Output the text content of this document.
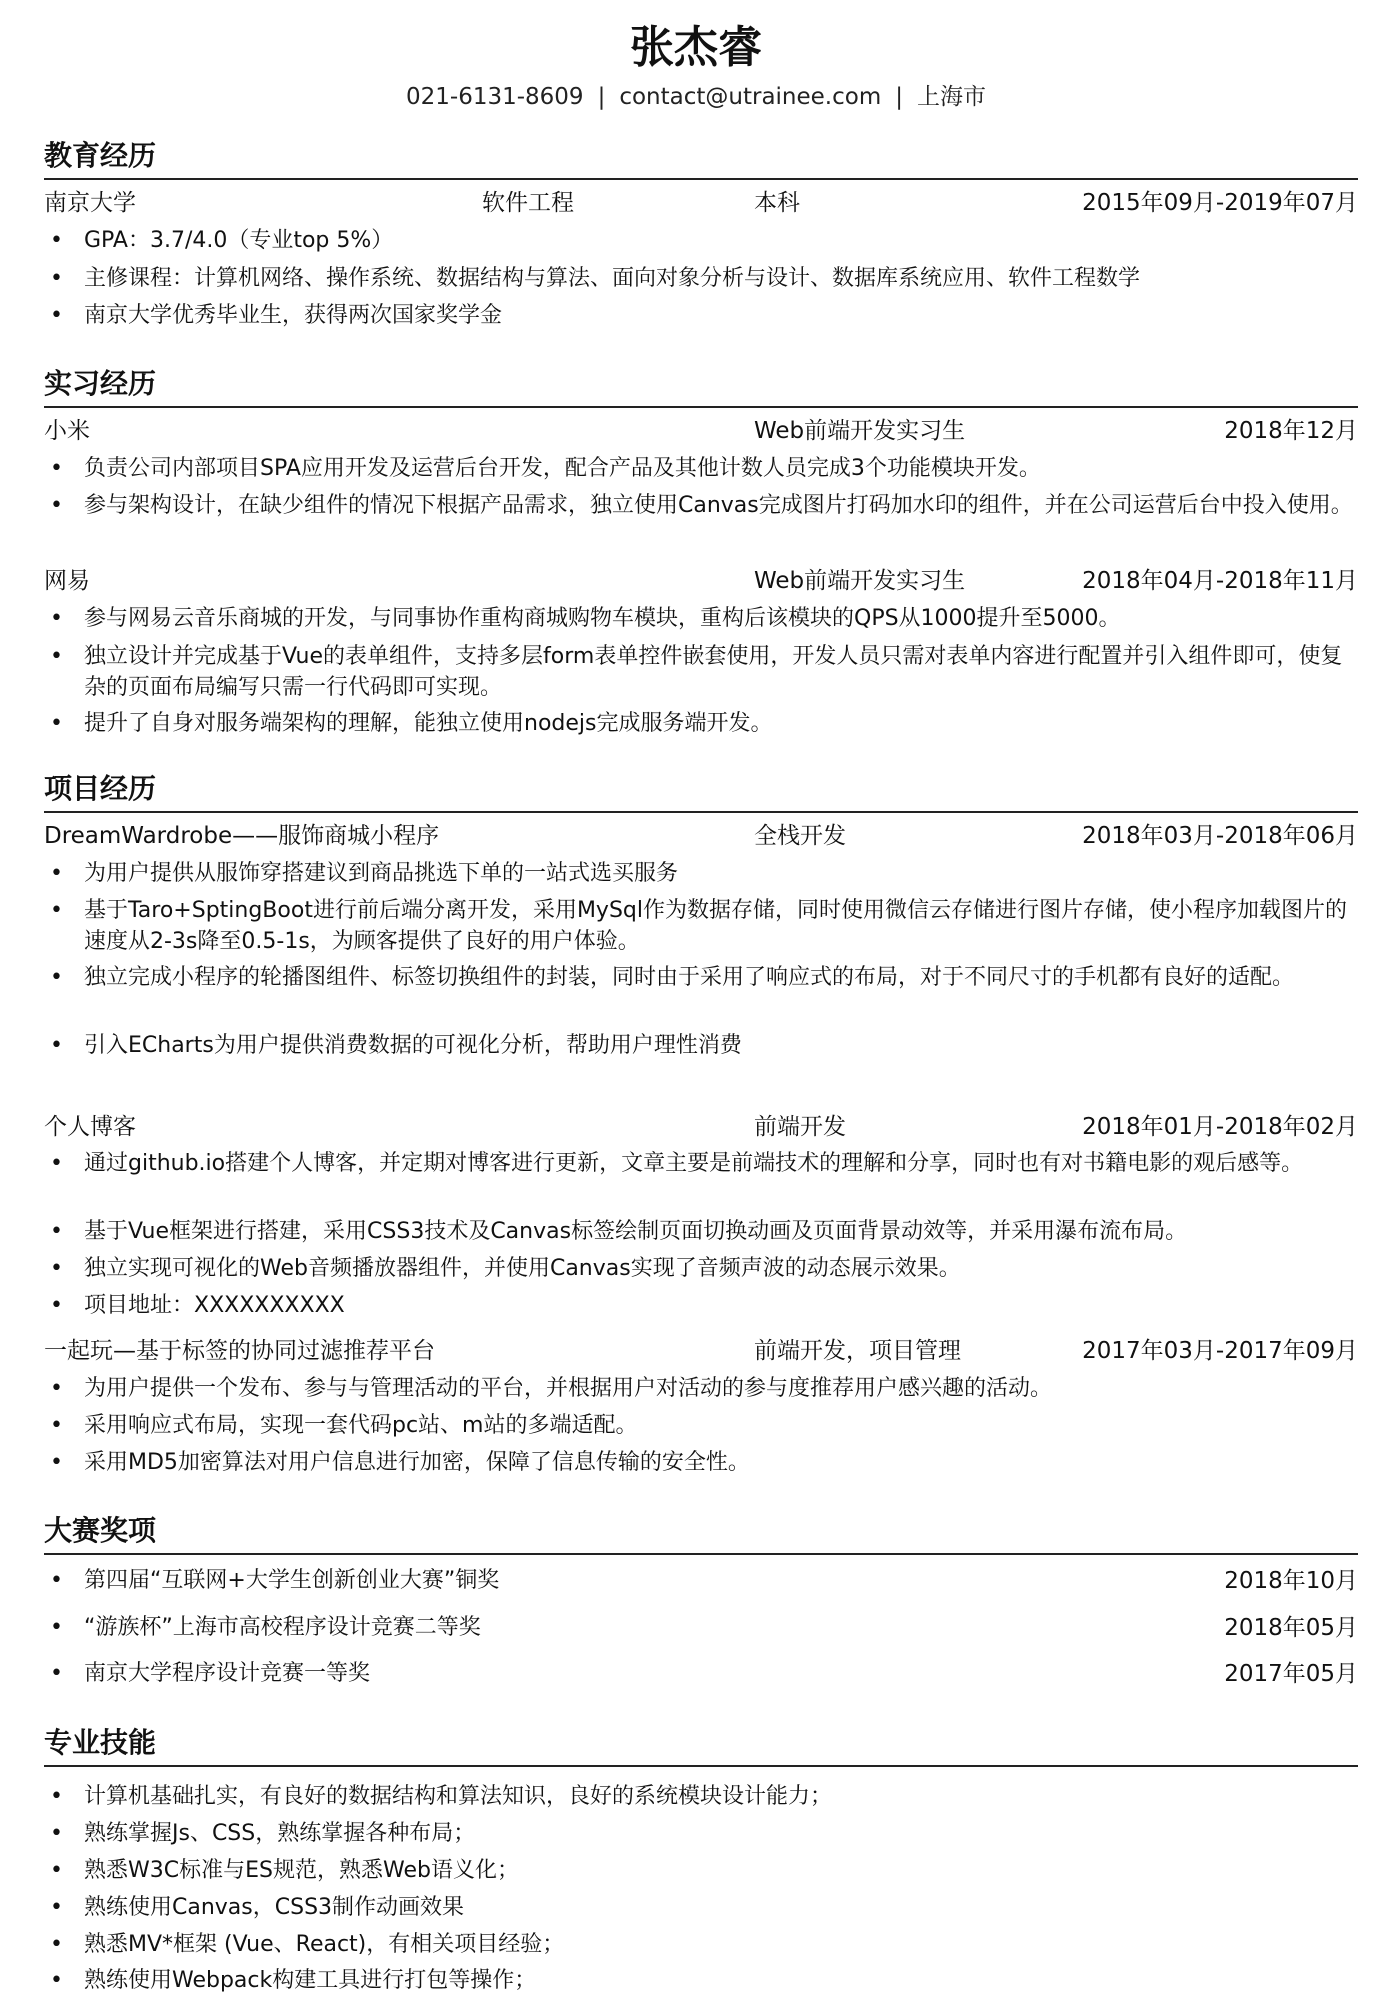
张杰睿
021-6131-8609 | contact@utrainee.com | 上海市
教育经历
南京大学	软件工程	本科	2015年09月-2019年07月
• GPA：3.7/4.0（专业top 5%）
• 主修课程：计算机网络、操作系统、数据结构与算法、面向对象分析与设计、数据库系统应用、软件工程数学
• 南京大学优秀毕业生，获得两次国家奖学金
实习经历
小米	Web前端开发实习生	2018年12月
• 负责公司内部项目SPA应用开发及运营后台开发，配合产品及其他计数人员完成3个功能模块开发。
• 参与架构设计，在缺少组件的情况下根据产品需求，独立使用Canvas完成图片打码加水印的组件，并在公司运营后台中投入使用。
网易	Web前端开发实习生	2018年04月-2018年11月
• 参与网易云音乐商城的开发，与同事协作重构商城购物车模块，重构后该模块的QPS从1000提升至5000。
• 独立设计并完成基于Vue的表单组件，支持多层form表单控件嵌套使用，开发人员只需对表单内容进行配置并引入组件即可，使复杂的页面布局编写只需一行代码即可实现。
• 提升了自身对服务端架构的理解，能独立使用nodejs完成服务端开发。
项目经历
DreamWardrobe——服饰商城小程序	全栈开发	2018年03月-2018年06月
• 为用户提供从服饰穿搭建议到商品挑选下单的一站式选买服务
• 基于Taro+SptingBoot进行前后端分离开发，采用MySql作为数据存储，同时使用微信云存储进行图片存储，使小程序加载图片的速度从2-3s降至0.5-1s，为顾客提供了良好的用户体验。
• 独立完成小程序的轮播图组件、标签切换组件的封装，同时由于采用了响应式的布局，对于不同尺寸的手机都有良好的适配。
• 引入ECharts为用户提供消费数据的可视化分析，帮助用户理性消费
个人博客	前端开发	2018年01月-2018年02月
• 通过github.io搭建个人博客，并定期对博客进行更新，文章主要是前端技术的理解和分享，同时也有对书籍电影的观后感等。
• 基于Vue框架进行搭建，采用CSS3技术及Canvas标签绘制页面切换动画及页面背景动效等，并采用瀑布流布局。
• 独立实现可视化的Web音频播放器组件，并使用Canvas实现了音频声波的动态展示效果。
• 项目地址：XXXXXXXXXX
一起玩—基于标签的协同过滤推荐平台	前端开发，项目管理	2017年03月-2017年09月
• 为用户提供一个发布、参与与管理活动的平台，并根据用户对活动的参与度推荐用户感兴趣的活动。
• 采用响应式布局，实现一套代码pc站、m站的多端适配。
• 采用MD5加密算法对用户信息进行加密，保障了信息传输的安全性。
大赛奖项
• 第四届“互联网+大学生创新创业大赛”铜奖	2018年10月
• “游族杯”上海市高校程序设计竞赛二等奖	2018年05月
• 南京大学程序设计竞赛一等奖	2017年05月
专业技能
• 计算机基础扎实，有良好的数据结构和算法知识，良好的系统模块设计能力；
• 熟练掌握Js、CSS，熟练掌握各种布局；
• 熟悉W3C标准与ES规范，熟悉Web语义化；
• 熟练使用Canvas，CSS3制作动画效果
• 熟悉MV*框架 (Vue、React)，有相关项目经验；
• 熟练使用Webpack构建工具进行打包等操作；
